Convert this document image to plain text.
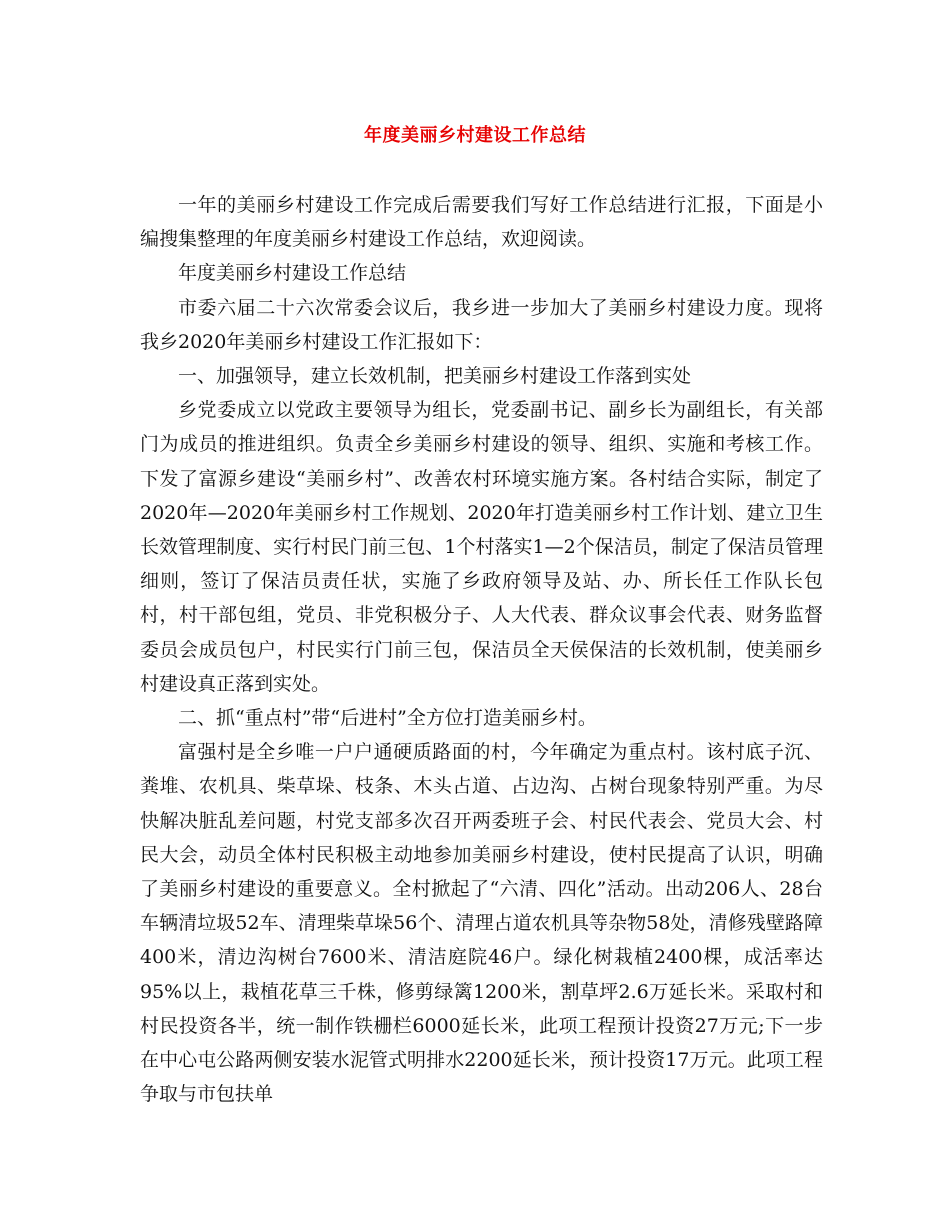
年度美丽乡村建设工作总结

一年的美丽乡村建设工作完成后需要我们写好工作总结进行汇报，下面是小编搜集整理的年度美丽乡村建设工作总结，欢迎阅读。

年度美丽乡村建设工作总结

市委六届二十六次常委会议后，我乡进一步加大了美丽乡村建设力度。现将我乡2020年美丽乡村建设工作汇报如下：

一、加强领导，建立长效机制，把美丽乡村建设工作落到实处

乡党委成立以党政主要领导为组长，党委副书记、副乡长为副组长，有关部门为成员的推进组织。负责全乡美丽乡村建设的领导、组织、实施和考核工作。下发了富源乡建设“美丽乡村”、改善农村环境实施方案。各村结合实际，制定了2020年—2020年美丽乡村工作规划、2020年打造美丽乡村工作计划、建立卫生长效管理制度、实行村民门前三包、1个村落实1—2个保洁员，制定了保洁员管理细则，签订了保洁员责任状，实施了乡政府领导及站、办、所长任工作队长包村，村干部包组，党员、非党积极分子、人大代表、群众议事会代表、财务监督委员会成员包户，村民实行门前三包，保洁员全天侯保洁的长效机制，使美丽乡村建设真正落到实处。

二、抓“重点村”带“后进村”全方位打造美丽乡村。

富强村是全乡唯一户户通硬质路面的村，今年确定为重点村。该村底子沉、粪堆、农机具、柴草垛、枝条、木头占道、占边沟、占树台现象特别严重。为尽快解决脏乱差问题，村党支部多次召开两委班子会、村民代表会、党员大会、村民大会，动员全体村民积极主动地参加美丽乡村建设，使村民提高了认识，明确了美丽乡村建设的重要意义。全村掀起了“六清、四化”活动。出动206人、28台车辆清垃圾52车、清理柴草垛56个、清理占道农机具等杂物58处，清修残壁路障400米，清边沟树台7600米、清洁庭院46户。绿化树栽植2400棵，成活率达95%以上，栽植花草三千株，修剪绿篱1200米，割草坪2.6万延长米。采取村和村民投资各半，统一制作铁栅栏6000延长米，此项工程预计投资27万元;下一步在中心屯公路两侧安装水泥管式明排水2200延长米，预计投资17万元。此项工程争取与市包扶单
